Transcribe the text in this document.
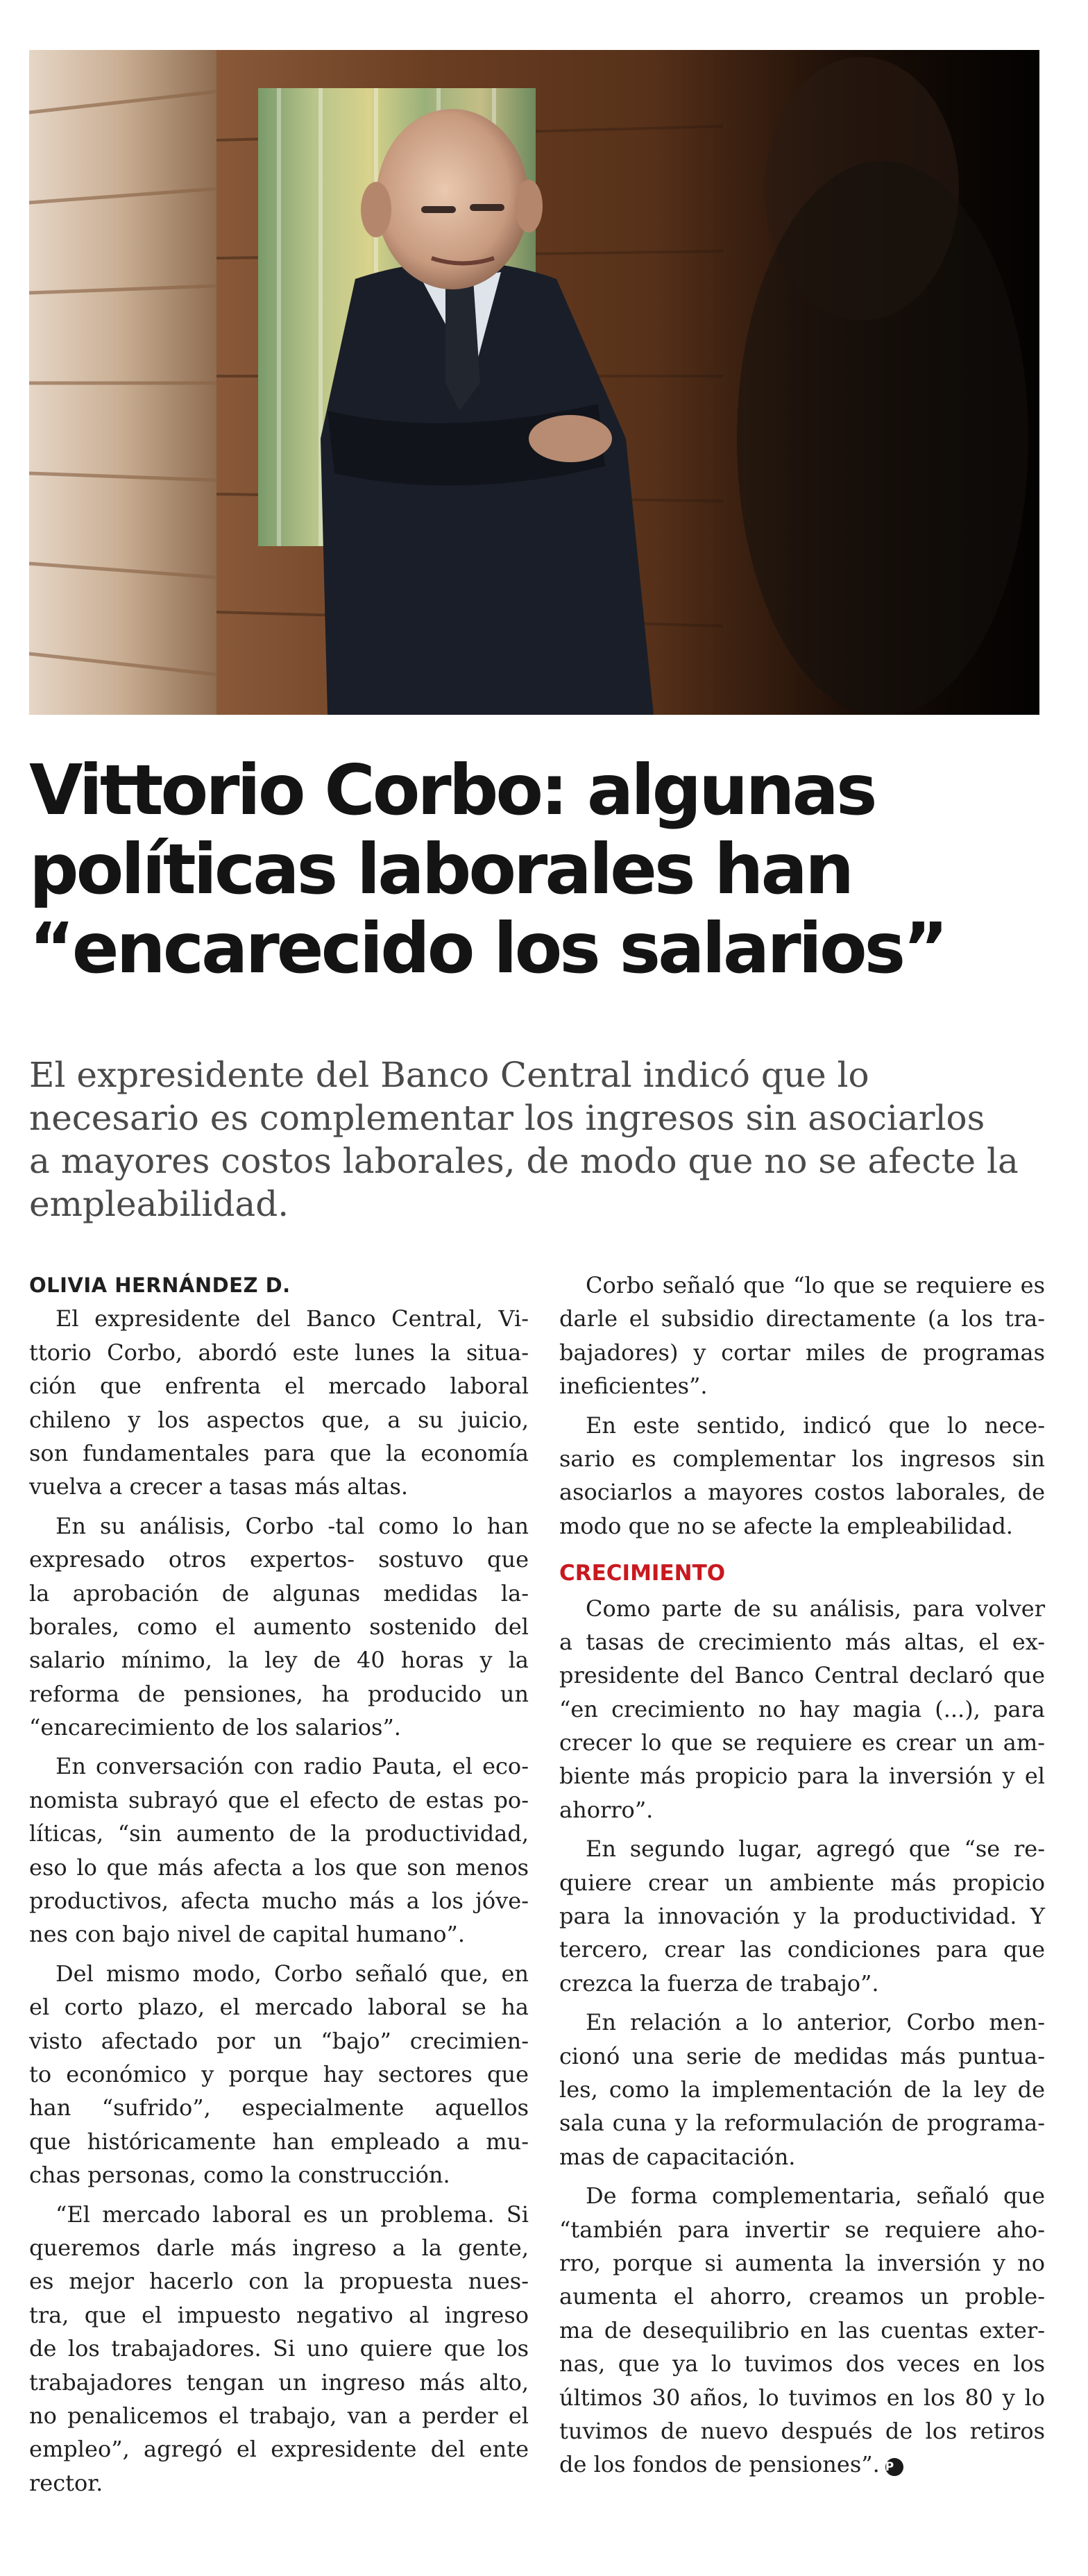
Vittorio Corbo: algunas
políticas laborales han
“encarecido los salarios”

El expresidente del Banco Central indicó que lo
necesario es complementar los ingresos sin asociarlos
a mayores costos laborales, de modo que no se afecte la
empleabilidad.

OLIVIA HERNÁNDEZ D.
El expresidente del Banco Central, Vi-
ttorio Corbo, abordó este lunes la situa-
ción que enfrenta el mercado laboral
chileno y los aspectos que, a su juicio,
son fundamentales para que la economía
vuelva a crecer a tasas más altas.
En su análisis, Corbo -tal como lo han
expresado otros expertos- sostuvo que
la aprobación de algunas medidas la-
borales, como el aumento sostenido del
salario mínimo, la ley de 40 horas y la
reforma de pensiones, ha producido un
“encarecimiento de los salarios”.
En conversación con radio Pauta, el eco-
nomista subrayó que el efecto de estas po-
líticas, “sin aumento de la productividad,
eso lo que más afecta a los que son menos
productivos, afecta mucho más a los jóve-
nes con bajo nivel de capital humano”.
Del mismo modo, Corbo señaló que, en
el corto plazo, el mercado laboral se ha
visto afectado por un “bajo” crecimien-
to económico y porque hay sectores que
han “sufrido”, especialmente aquellos
que históricamente han empleado a mu-
chas personas, como la construcción.
“El mercado laboral es un problema. Si
queremos darle más ingreso a la gente,
es mejor hacerlo con la propuesta nues-
tra, que el impuesto negativo al ingreso
de los trabajadores. Si uno quiere que los
trabajadores tengan un ingreso más alto,
no penalicemos el trabajo, van a perder el
empleo”, agregó el expresidente del ente
rector.
Corbo señaló que “lo que se requiere es
darle el subsidio directamente (a los tra-
bajadores) y cortar miles de programas
ineficientes”.
En este sentido, indicó que lo nece-
sario es complementar los ingresos sin
asociarlos a mayores costos laborales, de
modo que no se afecte la empleabilidad.
CRECIMIENTO
Como parte de su análisis, para volver
a tasas de crecimiento más altas, el ex-
presidente del Banco Central declaró que
“en crecimiento no hay magia (...), para
crecer lo que se requiere es crear un am-
biente más propicio para la inversión y el
ahorro”.
En segundo lugar, agregó que “se re-
quiere crear un ambiente más propicio
para la innovación y la productividad. Y
tercero, crear las condiciones para que
crezca la fuerza de trabajo”.
En relación a lo anterior, Corbo men-
cionó una serie de medidas más puntua-
les, como la implementación de la ley de
sala cuna y la reformulación de programa-
mas de capacitación.
De forma complementaria, señaló que
“también para invertir se requiere aho-
rro, porque si aumenta la inversión y no
aumenta el ahorro, creamos un proble-
ma de desequilibrio en las cuentas exter-
nas, que ya lo tuvimos dos veces en los
últimos 30 años, lo tuvimos en los 80 y lo
tuvimos de nuevo después de los retiros
de los fondos de pensiones”. P
